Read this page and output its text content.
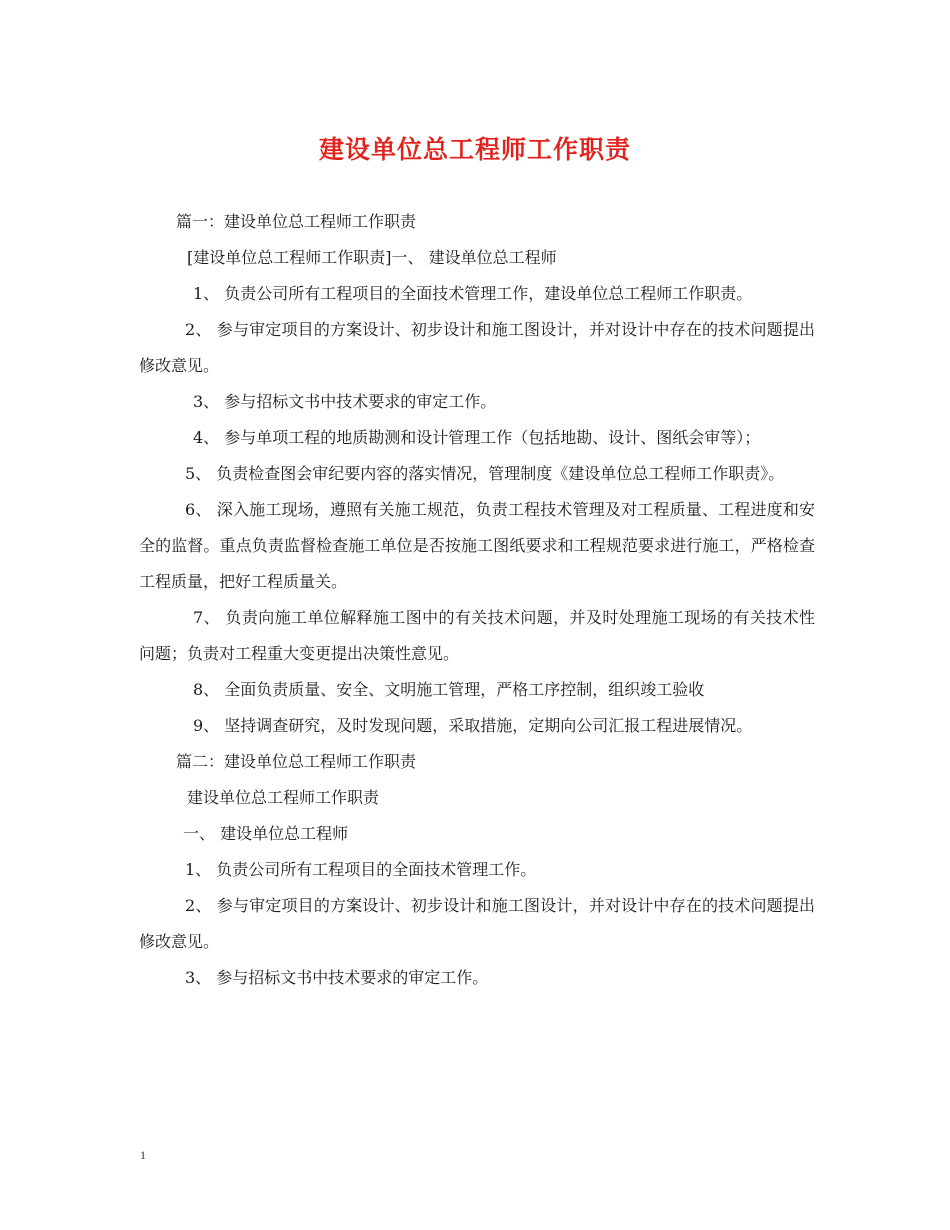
建设单位总工程师工作职责

篇一：建设单位总工程师工作职责

[建设单位总工程师工作职责]一、 建设单位总工程师

1、 负责公司所有工程项目的全面技术管理工作，建设单位总工程师工作职责。

2、 参与审定项目的方案设计、初步设计和施工图设计，并对设计中存在的技术问题提出修改意见。

3、 参与招标文书中技术要求的审定工作。

4、 参与单项工程的地质勘测和设计管理工作（包括地勘、设计、图纸会审等）；

5、 负责检查图会审纪要内容的落实情况，管理制度《建设单位总工程师工作职责》。

6、 深入施工现场，遵照有关施工规范，负责工程技术管理及对工程质量、工程进度和安全的监督。重点负责监督检查施工单位是否按施工图纸要求和工程规范要求进行施工，严格检查工程质量，把好工程质量关。

7、 负责向施工单位解释施工图中的有关技术问题，并及时处理施工现场的有关技术性问题；负责对工程重大变更提出决策性意见。

8、 全面负责质量、安全、文明施工管理，严格工序控制，组织竣工验收

9、 坚持调查研究，及时发现问题，采取措施，定期向公司汇报工程进展情况。

篇二：建设单位总工程师工作职责

建设单位总工程师工作职责

一、 建设单位总工程师

1、 负责公司所有工程项目的全面技术管理工作。

2、 参与审定项目的方案设计、初步设计和施工图设计，并对设计中存在的技术问题提出修改意见。

3、 参与招标文书中技术要求的审定工作。

1
